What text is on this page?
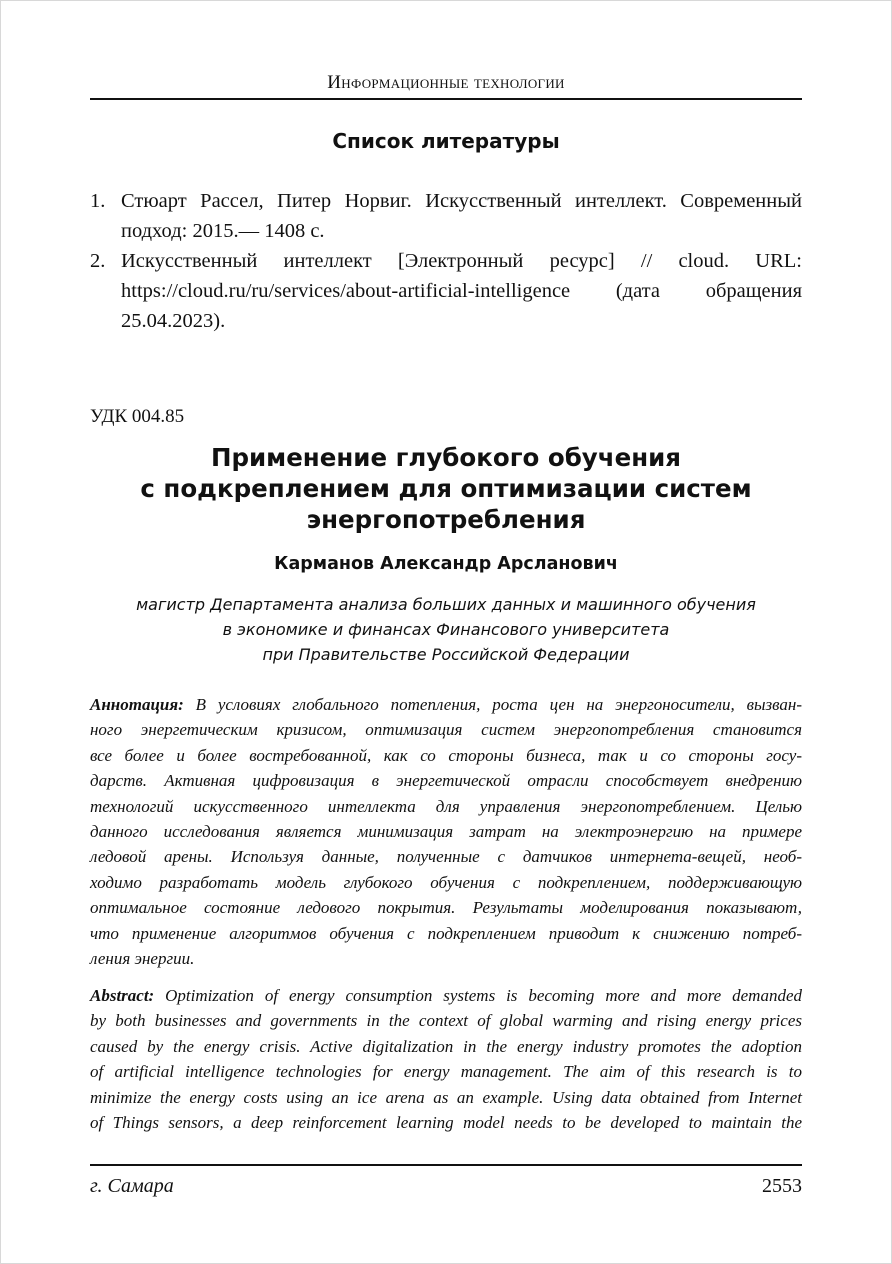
Информационные технологии
Список литературы
1. Стюарт Рассел, Питер Норвиг. Искусственный интеллект. Современный подход: 2015.— 1408 с.
2. Искусственный интеллект [Электронный ресурс] // cloud. URL: https://cloud.ru/ru/services/about-artificial-intelligence (дата обращения 25.04.2023).
УДК 004.85
Применение глубокого обучения
с подкреплением для оптимизации систем
энергопотребления
Карманов Александр Арсланович
магистр Департамента анализа больших данных и машинного обучения
в экономике и финансах Финансового университета
при Правительстве Российской Федерации
Аннотация: В условиях глобального потепления, роста цен на энергоносители, вызван-
ного энергетическим кризисом, оптимизация систем энергопотребления становится
все более и более востребованной, как со стороны бизнеса, так и со стороны госу-
дарств. Активная цифровизация в энергетической отрасли способствует внедрению
технологий искусственного интеллекта для управления энергопотреблением. Целью
данного исследования является минимизация затрат на электроэнергию на примере
ледовой арены. Используя данные, полученные с датчиков интернета-вещей, необ-
ходимо разработать модель глубокого обучения с подкреплением, поддерживающую
оптимальное состояние ледового покрытия. Результаты моделирования показывают,
что применение алгоритмов обучения с подкреплением приводит к снижению потреб-
ления энергии.
Abstract: Optimization of energy consumption systems is becoming more and more demanded
by both businesses and governments in the context of global warming and rising energy prices
caused by the energy crisis. Active digitalization in the energy industry promotes the adoption
of artificial intelligence technologies for energy management. The aim of this research is to
minimize the energy costs using an ice arena as an example. Using data obtained from Internet
of Things sensors, a deep reinforcement learning model needs to be developed to maintain the
г. Самара	2553
